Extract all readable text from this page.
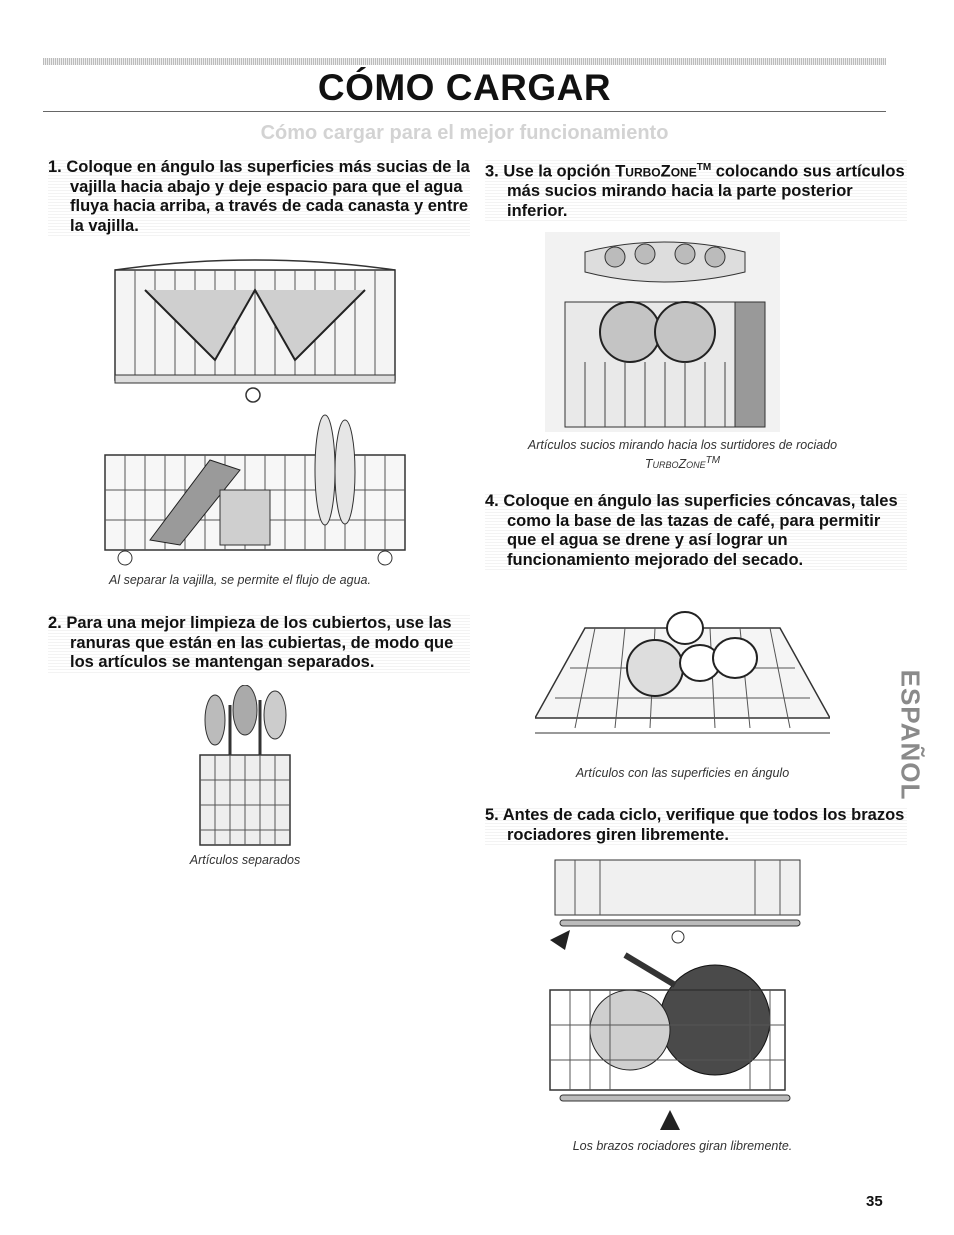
CÓMO CARGAR
Cómo cargar para el mejor funcionamiento
1. Coloque en ángulo las superficies más sucias de la vajilla hacia abajo y deje espacio para que el agua fluya hacia arriba, a través de cada canasta y entre la vajilla.
Al separar la vajilla, se permite el flujo de agua.
2. Para una mejor limpieza de los cubiertos, use las ranuras que están en las cubiertas, de modo que los artículos se mantengan separados.
Artículos separados
3. Use la opción TurboZone™ colocando sus artículos más sucios mirando hacia la parte posterior inferior.
Artículos sucios mirando hacia los surtidores de rociado
TurboZone™
4. Coloque en ángulo las superficies cóncavas, tales como la base de las tazas de café, para permitir que el agua se drene y así lograr un funcionamiento mejorado del secado.
Artículos con las superficies en ángulo
5. Antes de cada ciclo, verifique que todos los brazos rociadores giren libremente.
Los brazos rociadores giran libremente.
ESPAÑOL
35
